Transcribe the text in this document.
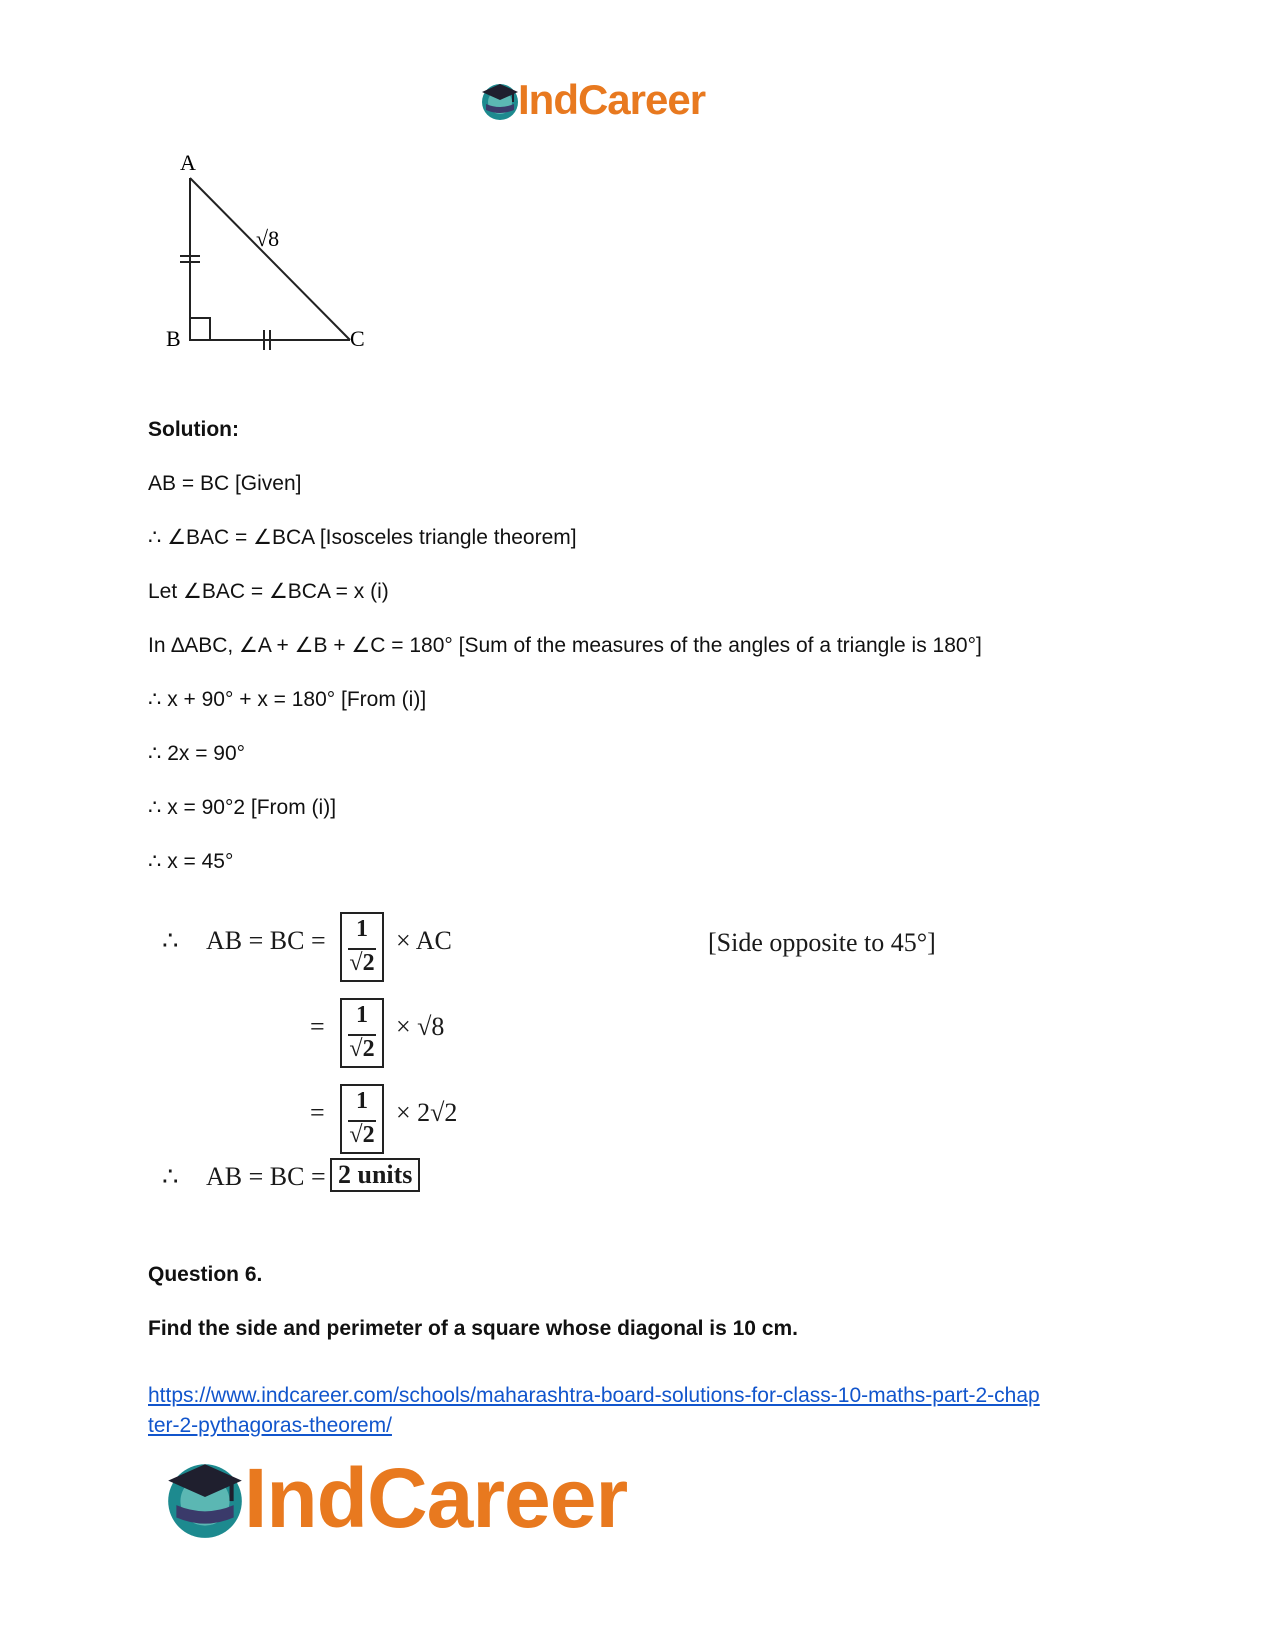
IndCareer
A
B	C
√8
Solution:
AB = BC [Given]
∴ ∠BAC = ∠BCA [Isosceles triangle theorem]
Let ∠BAC = ∠BCA = x (i)
In ∆ABC, ∠A + ∠B + ∠C = 180° [Sum of the measures of the angles of a triangle is 180°]
∴ x + 90° + x = 180° [From (i)]
∴ 2x = 90°
∴ x = 90°2 [From (i)]
∴ x = 45°
∴ AB = BC =	1
√2
× AC	[Side opposite to 45°]
=	1
√2
× √8
=	1
√2
× 2√2
∴ AB = BC = 2 units
Question 6.
Find the side and perimeter of a square whose diagonal is 10 cm.
https://www.indcareer.com/schools/maharashtra-board-solutions-for-class-10-maths-part-2-chap
ter-2-pythagoras-theorem/
IndCareer
